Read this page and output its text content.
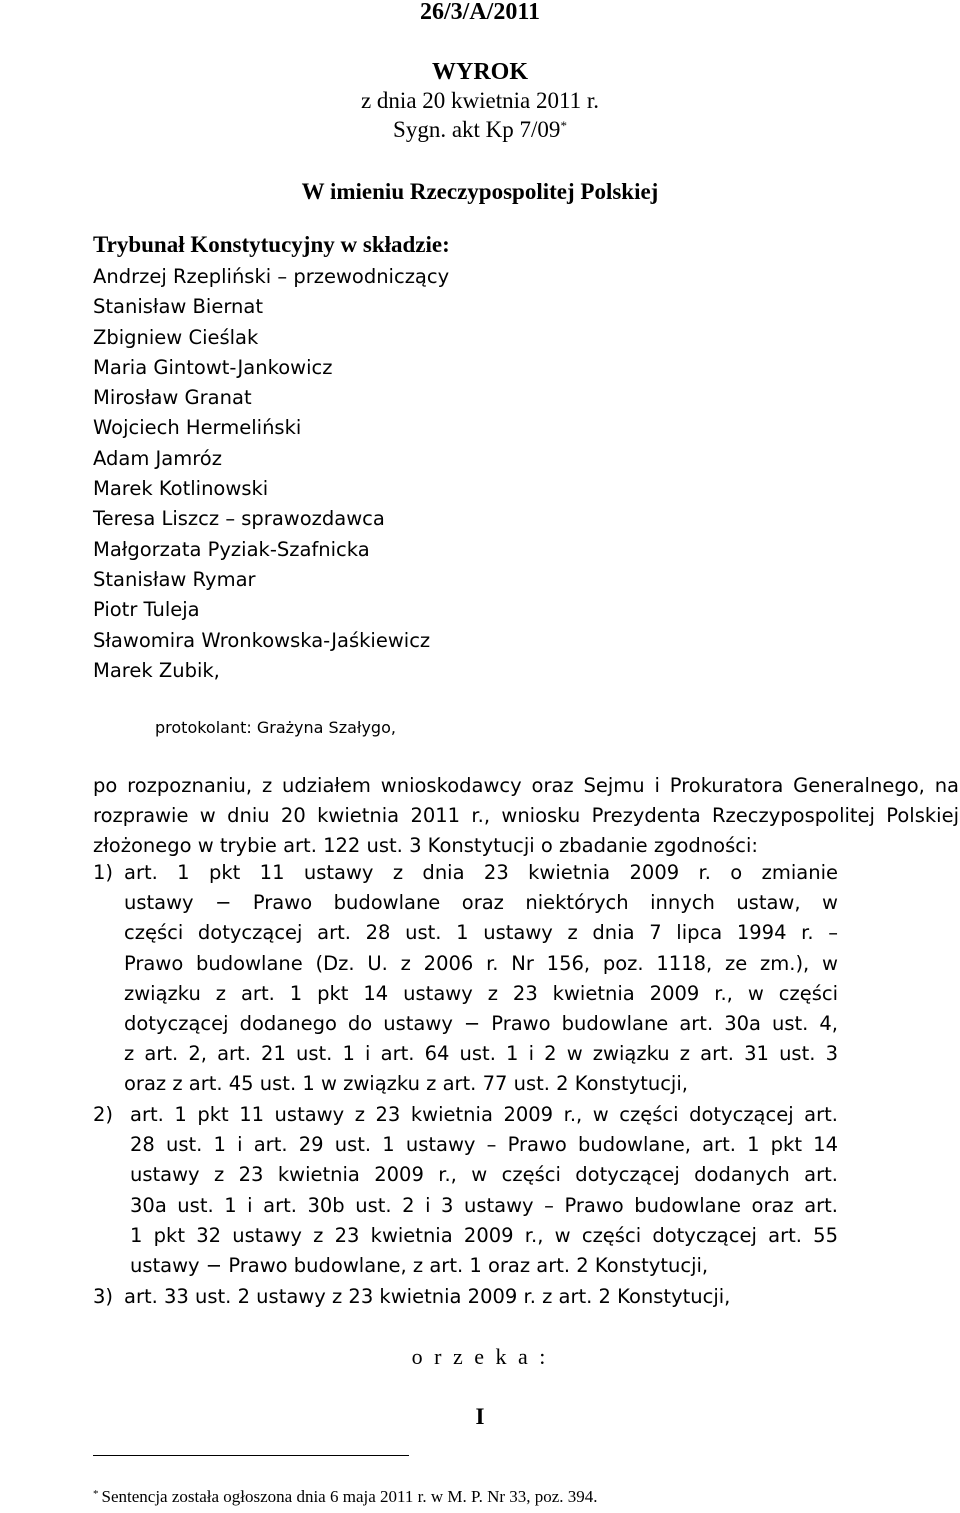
26/3/A/2011
WYROK
z dnia 20 kwietnia 2011 r.
Sygn. akt Kp 7/09*
W imieniu Rzeczypospolitej Polskiej
Trybunał Konstytucyjny w składzie:
Andrzej Rzepliński – przewodniczący
Stanisław Biernat
Zbigniew Cieślak
Maria Gintowt-Jankowicz
Mirosław Granat
Wojciech Hermeliński
Adam Jamróz
Marek Kotlinowski
Teresa Liszcz – sprawozdawca
Małgorzata Pyziak-Szafnicka
Stanisław Rymar
Piotr Tuleja
Sławomira Wronkowska-Jaśkiewicz
Marek Zubik,
protokolant: Grażyna Szałygo,
po rozpoznaniu, z udziałem wnioskodawcy oraz Sejmu i Prokuratora Generalnego, na
rozprawie w dniu 20 kwietnia 2011 r., wniosku Prezydenta Rzeczypospolitej Polskiej
złożonego w trybie art. 122 ust. 3 Konstytucji o zbadanie zgodności:
1) art. 1 pkt 11 ustawy z dnia 23 kwietnia 2009 r. o zmianie
ustawy − Prawo budowlane oraz niektórych innych ustaw, w
części dotyczącej art. 28 ust. 1 ustawy z dnia 7 lipca 1994 r. –
Prawo budowlane (Dz. U. z 2006 r. Nr 156, poz. 1118, ze zm.), w
związku z art. 1 pkt 14 ustawy z 23 kwietnia 2009 r., w części
dotyczącej dodanego do ustawy − Prawo budowlane art. 30a ust. 4,
z art. 2, art. 21 ust. 1 i art. 64 ust. 1 i 2 w związku z art. 31 ust. 3
oraz z art. 45 ust. 1 w związku z art. 77 ust. 2 Konstytucji,
2) art. 1 pkt 11 ustawy z 23 kwietnia 2009 r., w części dotyczącej art.
28 ust. 1 i art. 29 ust. 1 ustawy – Prawo budowlane, art. 1 pkt 14
ustawy z 23 kwietnia 2009 r., w części dotyczącej dodanych art.
30a ust. 1 i art. 30b ust. 2 i 3 ustawy – Prawo budowlane oraz art.
1 pkt 32 ustawy z 23 kwietnia 2009 r., w części dotyczącej art. 55
ustawy − Prawo budowlane, z art. 1 oraz art. 2 Konstytucji,
3) art. 33 ust. 2 ustawy z 23 kwietnia 2009 r. z art. 2 Konstytucji,
o r z e k a :
I
* Sentencja została ogłoszona dnia 6 maja 2011 r. w M. P. Nr 33, poz. 394.
